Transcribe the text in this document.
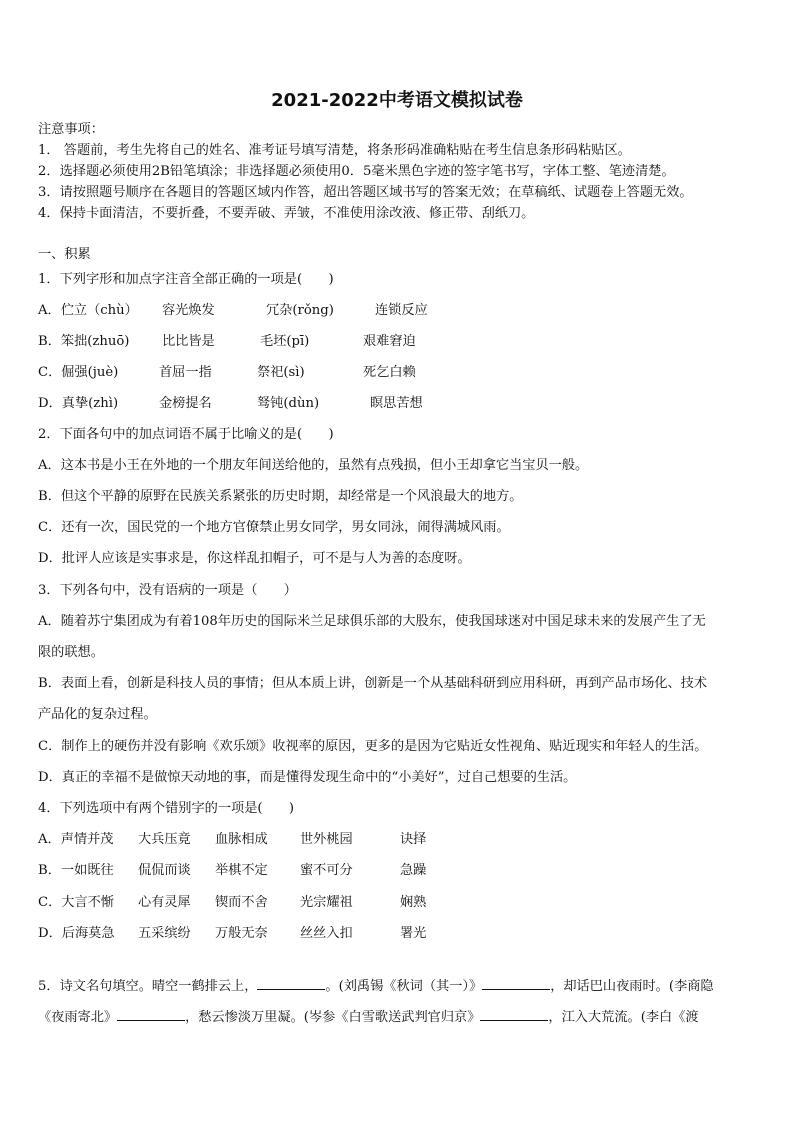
2021-2022中考语文模拟试卷
注意事项：
1． 答题前，考生先将自己的姓名、准考证号填写清楚，将条形码准确粘贴在考生信息条形码粘贴区。
2．选择题必须使用2B铅笔填涂；非选择题必须使用0．5毫米黑色字迹的签字笔书写，字体工整、笔迹清楚。
3．请按照题号顺序在各题目的答题区域内作答，超出答题区域书写的答案无效；在草稿纸、试题卷上答题无效。
4．保持卡面清洁，不要折叠，不要弄破、弄皱，不准使用涂改液、修正带、刮纸刀。
一、积累
1．下列字形和加点字注音全部正确的一项是(　　)
A．伫立（chù） 容光焕发	冗杂(rǒng)	连锁反应
B．笨拙(zhuō) 比比皆是	毛坯(pī)	艰难窘迫
C．倔强(juè)	首屈一指	祭祀(sì)	死乞白赖
D．真挚(zhì)	金榜提名	驽钝(dùn)	瞑思苦想
2．下面各句中的加点词语不属于比喻义的是(　　)
A．这本书是小王在外地的一个朋友年间送给他的，虽然有点残损，但小王却拿它当宝贝一般。
B．但这个平静的原野在民族关系紧张的历史时期，却经常是一个风浪最大的地方。
C．还有一次，国民党的一个地方官僚禁止男女同学，男女同泳，闹得满城风雨。
D．批评人应该是实事求是，你这样乱扣帽子，可不是与人为善的态度呀。
3．下列各句中，没有语病的一项是（　　）
A．随着苏宁集团成为有着108年历史的国际米兰足球俱乐部的大股东，使我国球迷对中国足球未来的发展产生了无
限的联想。
B．表面上看，创新是科技人员的事情；但从本质上讲，创新是一个从基础科研到应用科研，再到产品市场化、技术
产品化的复杂过程。
C．制作上的硬伤并没有影响《欢乐颂》收视率的原因，更多的是因为它贴近女性视角、贴近现实和年轻人的生活。
D．真正的幸福不是做惊天动地的事，而是懂得发现生命中的“小美好”，过自己想要的生活。
4．下列选项中有两个错别字的一项是(　　)
A．声情并茂 大兵压竟 血脉相成 世外桃园	诀择
B．一如既往 侃侃而谈 举棋不定 蜜不可分	急躁
C．大言不惭 心有灵犀 锲而不舍 光宗耀祖	娴熟
D．后海莫急 五采缤纷 万般无奈 丝丝入扣	署光
5．诗文名句填空。晴空一鹤排云上，	。(刘禹锡《秋词（其一）》	，却话巴山夜雨时。(李商隐
《夜雨寄北》	，愁云惨淡万里凝。(岑参《白雪歌送武判官归京》	，江入大荒流。(李白《渡
